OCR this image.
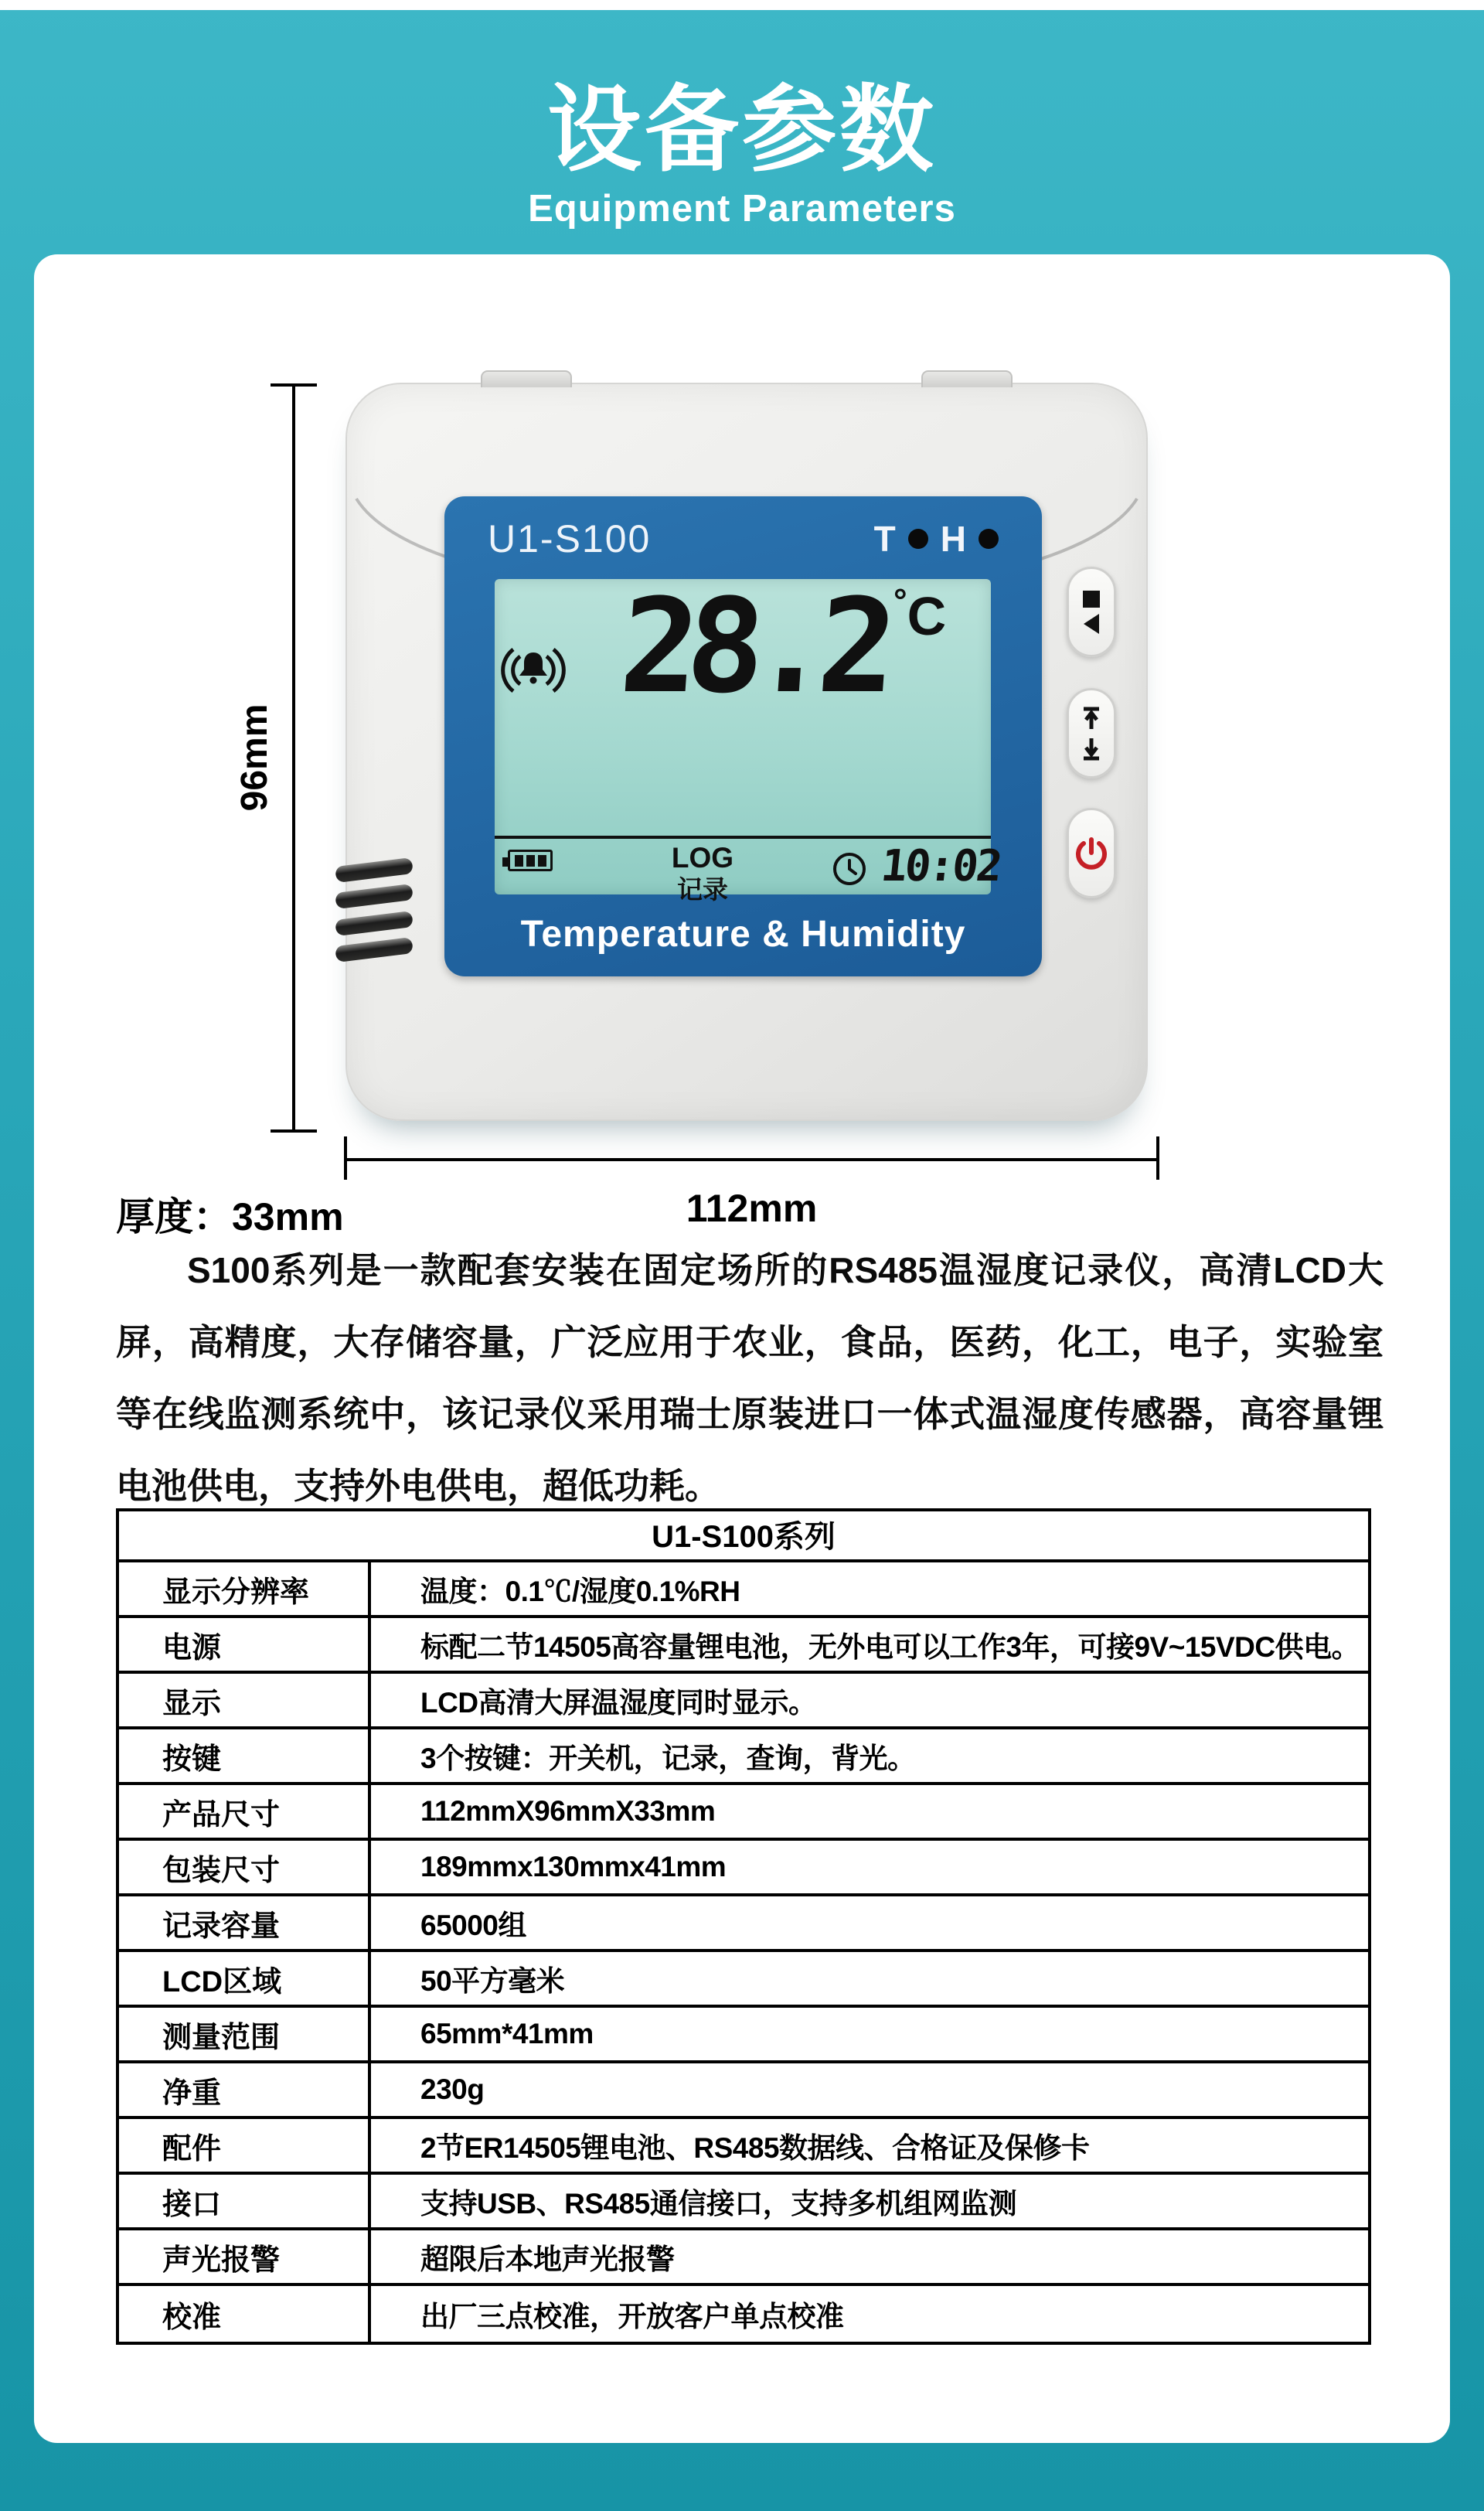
设备参数
Equipment Parameters
U1-S100	T H
28.2 °C
LOG
记录	10:02
Temperature & Humidity
96mm
112mm
厚度：33mm

S100系列是一款配套安装在固定场所的RS485温湿度记录仪，高清LCD大屏，高精度，大存储容量，广泛应用于农业，食品，医药，化工，电子，实验室等在线监测系统中，该记录仪采用瑞士原装进口一体式温湿度传感器，高容量锂电池供电，支持外电供电，超低功耗。

U1-S100系列
显示分辨率	温度：0.1℃/湿度0.1%RH
电源	标配二节14505高容量锂电池，无外电可以工作3年，可接9V~15VDC供电。
显示	LCD高清大屏温湿度同时显示。
按键	3个按键：开关机，记录，查询，背光。
产品尺寸	112mmX96mmX33mm
包装尺寸	189mmx130mmx41mm
记录容量	65000组
LCD区域	50平方毫米
测量范围	65mm*41mm
净重	230g
配件	2节ER14505锂电池、RS485数据线、合格证及保修卡
接口	支持USB、RS485通信接口，支持多机组网监测
声光报警	超限后本地声光报警
校准	出厂三点校准，开放客户单点校准
